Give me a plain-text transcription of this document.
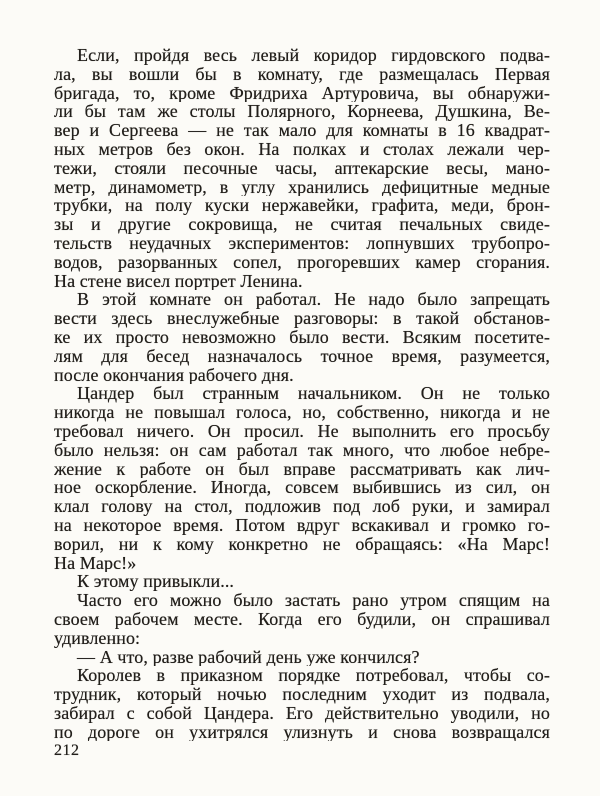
Если, пройдя весь левый коридор гирдовского подва-
ла, вы вошли бы в комнату, где размещалась Первая
бригада, то, кроме Фридриха Артуровича, вы обнаружи-
ли бы там же столы Полярного, Корнеева, Душкина, Ве-
вер и Сергеева — не так мало для комнаты в 16 квадрат-
ных метров без окон. На полках и столах лежали чер-
тежи, стояли песочные часы, аптекарские весы, мано-
метр, динамометр, в углу хранились дефицитные медные
трубки, на полу куски нержавейки, графита, меди, брон-
зы и другие сокровища, не считая печальных свиде-
тельств неудачных экспериментов: лопнувших трубопро-
водов, разорванных сопел, прогоревших камер сгорания.
На стене висел портрет Ленина.
В этой комнате он работал. Не надо было запрещать
вести здесь внеслужебные разговоры: в такой обстанов-
ке их просто невозможно было вести. Всяким посетите-
лям для бесед назначалось точное время, разумеется,
после окончания рабочего дня.
Цандер был странным начальником. Он не только
никогда не повышал голоса, но, собственно, никогда и не
требовал ничего. Он просил. Не выполнить его просьбу
было нельзя: он сам работал так много, что любое небре-
жение к работе он был вправе рассматривать как лич-
ное оскорбление. Иногда, совсем выбившись из сил, он
клал голову на стол, подложив под лоб руки, и замирал
на некоторое время. Потом вдруг вскакивал и громко го-
ворил, ни к кому конкретно не обращаясь: «На Марс!
На Марс!»
К этому привыкли...
Часто его можно было застать рано утром спящим на
своем рабочем месте. Когда его будили, он спрашивал
удивленно:
— А что, разве рабочий день уже кончился?
Королев в приказном порядке потребовал, чтобы со-
трудник, который ночью последним уходит из подвала,
забирал с собой Цандера. Его действительно уводили, но
по дороге он ухитрялся улизнуть и снова возвращался
212
